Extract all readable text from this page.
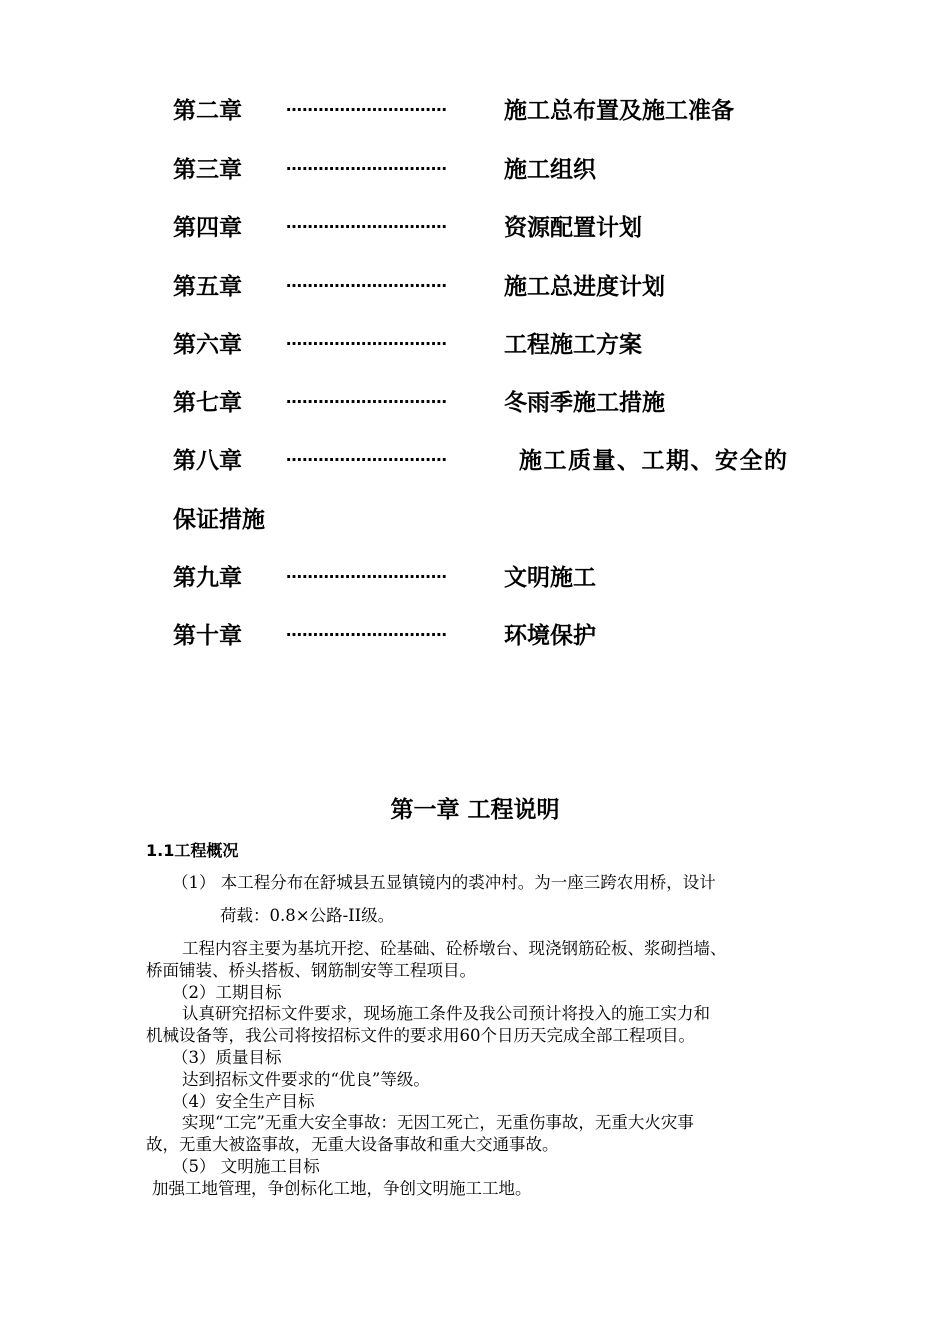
第二章	………………………… 施工总布置及施工准备
第三章	………………………… 施工组织
第四章	………………………… 资源配置计划
第五章	………………………… 施工总进度计划
第六章	………………………… 工程施工方案
第七章	………………………… 冬雨季施工措施
第八章	…………………………	施工质量、工期、安全的
保证措施
第九章	………………………… 文明施工
第十章	………………………… 环境保护
第一章 工程说明
1.1工程概况
（1） 本工程分布在舒城县五显镇镜内的裘冲村。为一座三跨农用桥，设计
荷载：0.8×公路-II级。
工程内容主要为基坑开挖、砼基础、砼桥墩台、现浇钢筋砼板、浆砌挡墙、
桥面铺装、桥头搭板、钢筋制安等工程项目。
（2）工期目标
认真研究招标文件要求，现场施工条件及我公司预计将投入的施工实力和
机械设备等，我公司将按招标文件的要求用60个日历天完成全部工程项目。
（3）质量目标
达到招标文件要求的“优良”等级。
（4）安全生产目标
实现“工完”无重大安全事故：无因工死亡，无重伤事故，无重大火灾事
故，无重大被盗事故，无重大设备事故和重大交通事故。
（5） 文明施工目标
加强工地管理，争创标化工地，争创文明施工工地。
